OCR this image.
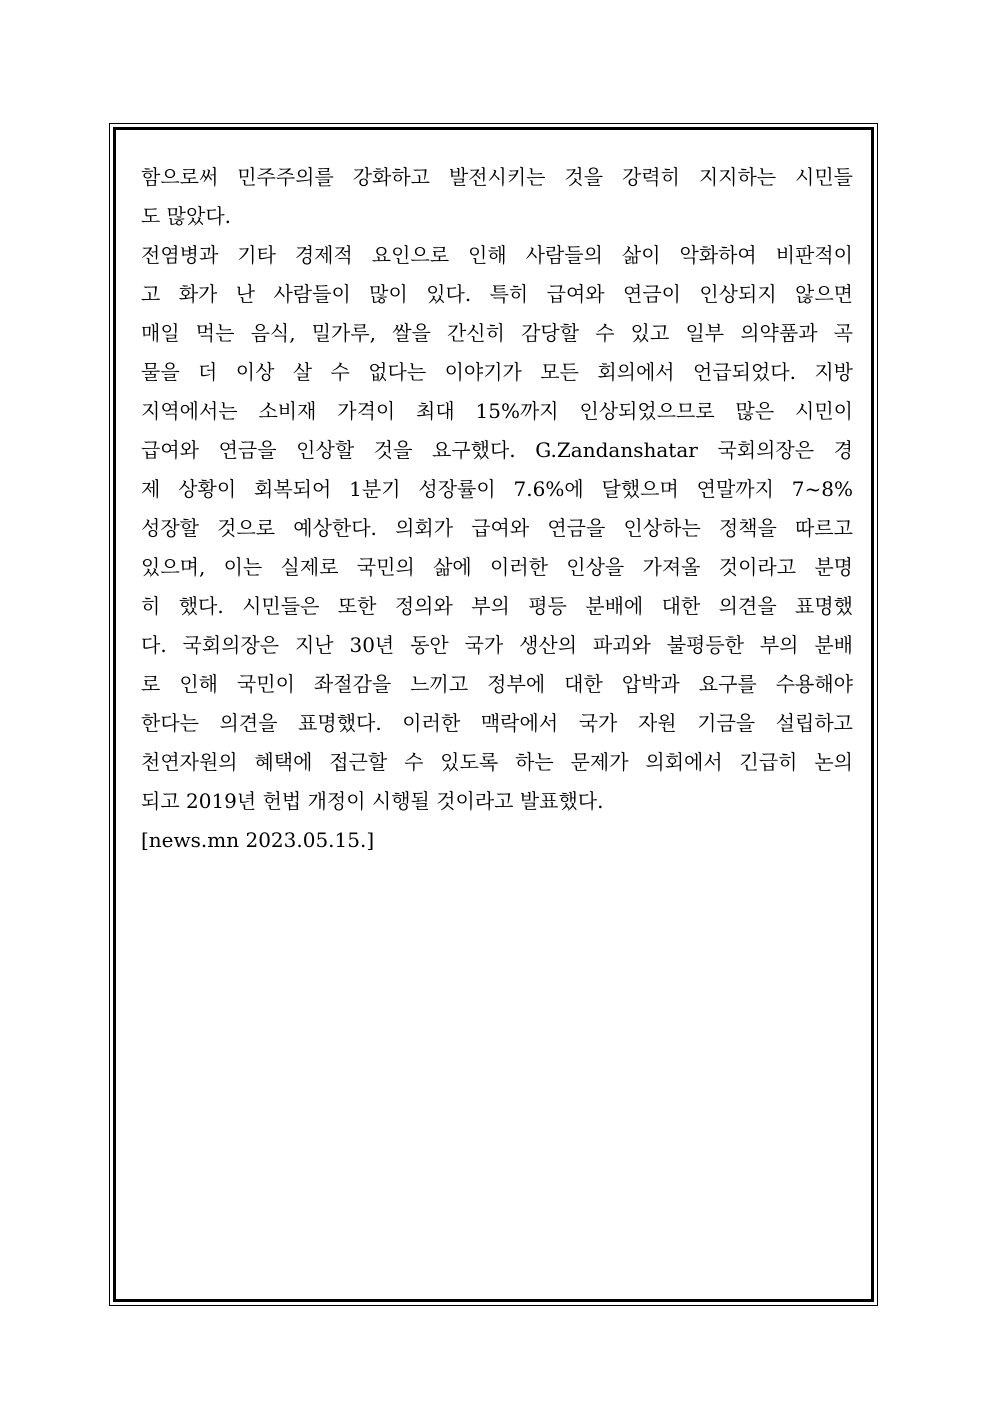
함으로써 민주주의를 강화하고 발전시키는 것을 강력히 지지하는 시민들
도 많았다.
전염병과 기타 경제적 요인으로 인해 사람들의 삶이 악화하여 비판적이
고 화가 난 사람들이 많이 있다. 특히 급여와 연금이 인상되지 않으면
매일 먹는 음식, 밀가루, 쌀을 간신히 감당할 수 있고 일부 의약품과 곡
물을 더 이상 살 수 없다는 이야기가 모든 회의에서 언급되었다. 지방
지역에서는 소비재 가격이 최대 15%까지 인상되었으므로 많은 시민이
급여와 연금을 인상할 것을 요구했다. G.Zandanshatar 국회의장은 경
제 상황이 회복되어 1분기 성장률이 7.6%에 달했으며 연말까지 7~8%
성장할 것으로 예상한다. 의회가 급여와 연금을 인상하는 정책을 따르고
있으며, 이는 실제로 국민의 삶에 이러한 인상을 가져올 것이라고 분명
히 했다. 시민들은 또한 정의와 부의 평등 분배에 대한 의견을 표명했
다. 국회의장은 지난 30년 동안 국가 생산의 파괴와 불평등한 부의 분배
로 인해 국민이 좌절감을 느끼고 정부에 대한 압박과 요구를 수용해야
한다는 의견을 표명했다. 이러한 맥락에서 국가 자원 기금을 설립하고
천연자원의 혜택에 접근할 수 있도록 하는 문제가 의회에서 긴급히 논의
되고 2019년 헌법 개정이 시행될 것이라고 발표했다.
[news.mn 2023.05.15.]
